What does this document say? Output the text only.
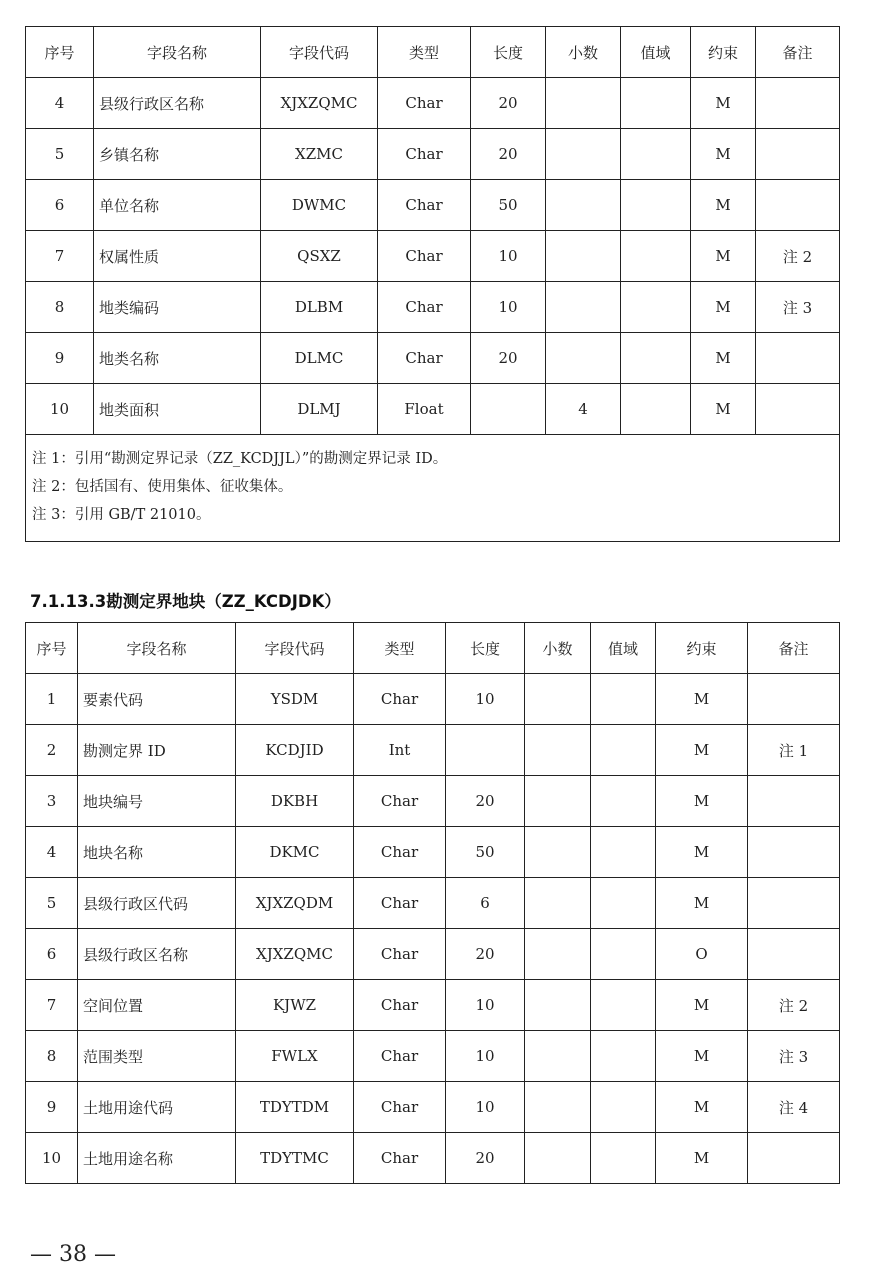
序号	字段名称	字段代码	类型	长度	小数	值域	约束	备注
4	县级行政区名称	XJXZQMC	Char	20			M	
5	乡镇名称	XZMC	Char	20			M	
6	单位名称	DWMC	Char	50			M	
7	权属性质	QSXZ	Char	10			M	注 2
8	地类编码	DLBM	Char	10			M	注 3
9	地类名称	DLMC	Char	20			M	
10	地类面积	DLMJ	Float		4		M	

注 1：引用“勘测定界记录（ZZ_KCDJJL）”的勘测定界记录 ID。
注 2：包括国有、使用集体、征收集体。
注 3：引用 GB/T 21010。								
7.1.13.3勘测定界地块（ZZ_KCDJDK）
序号	字段名称	字段代码	类型	长度	小数	值域	约束	备注
1	要素代码	YSDM	Char	10			M	
2	勘测定界 ID	KCDJID	Int				M	注 1
3	地块编号	DKBH	Char	20			M	
4	地块名称	DKMC	Char	50			M	
5	县级行政区代码	XJXZQDM	Char	6			M	
6	县级行政区名称	XJXZQMC	Char	20			O	
7	空间位置	KJWZ	Char	10			M	注 2
8	范围类型	FWLX	Char	10			M	注 3
9	土地用途代码	TDYTDM	Char	10			M	注 4
10	土地用途名称	TDYTMC	Char	20			M	
— 38 —
